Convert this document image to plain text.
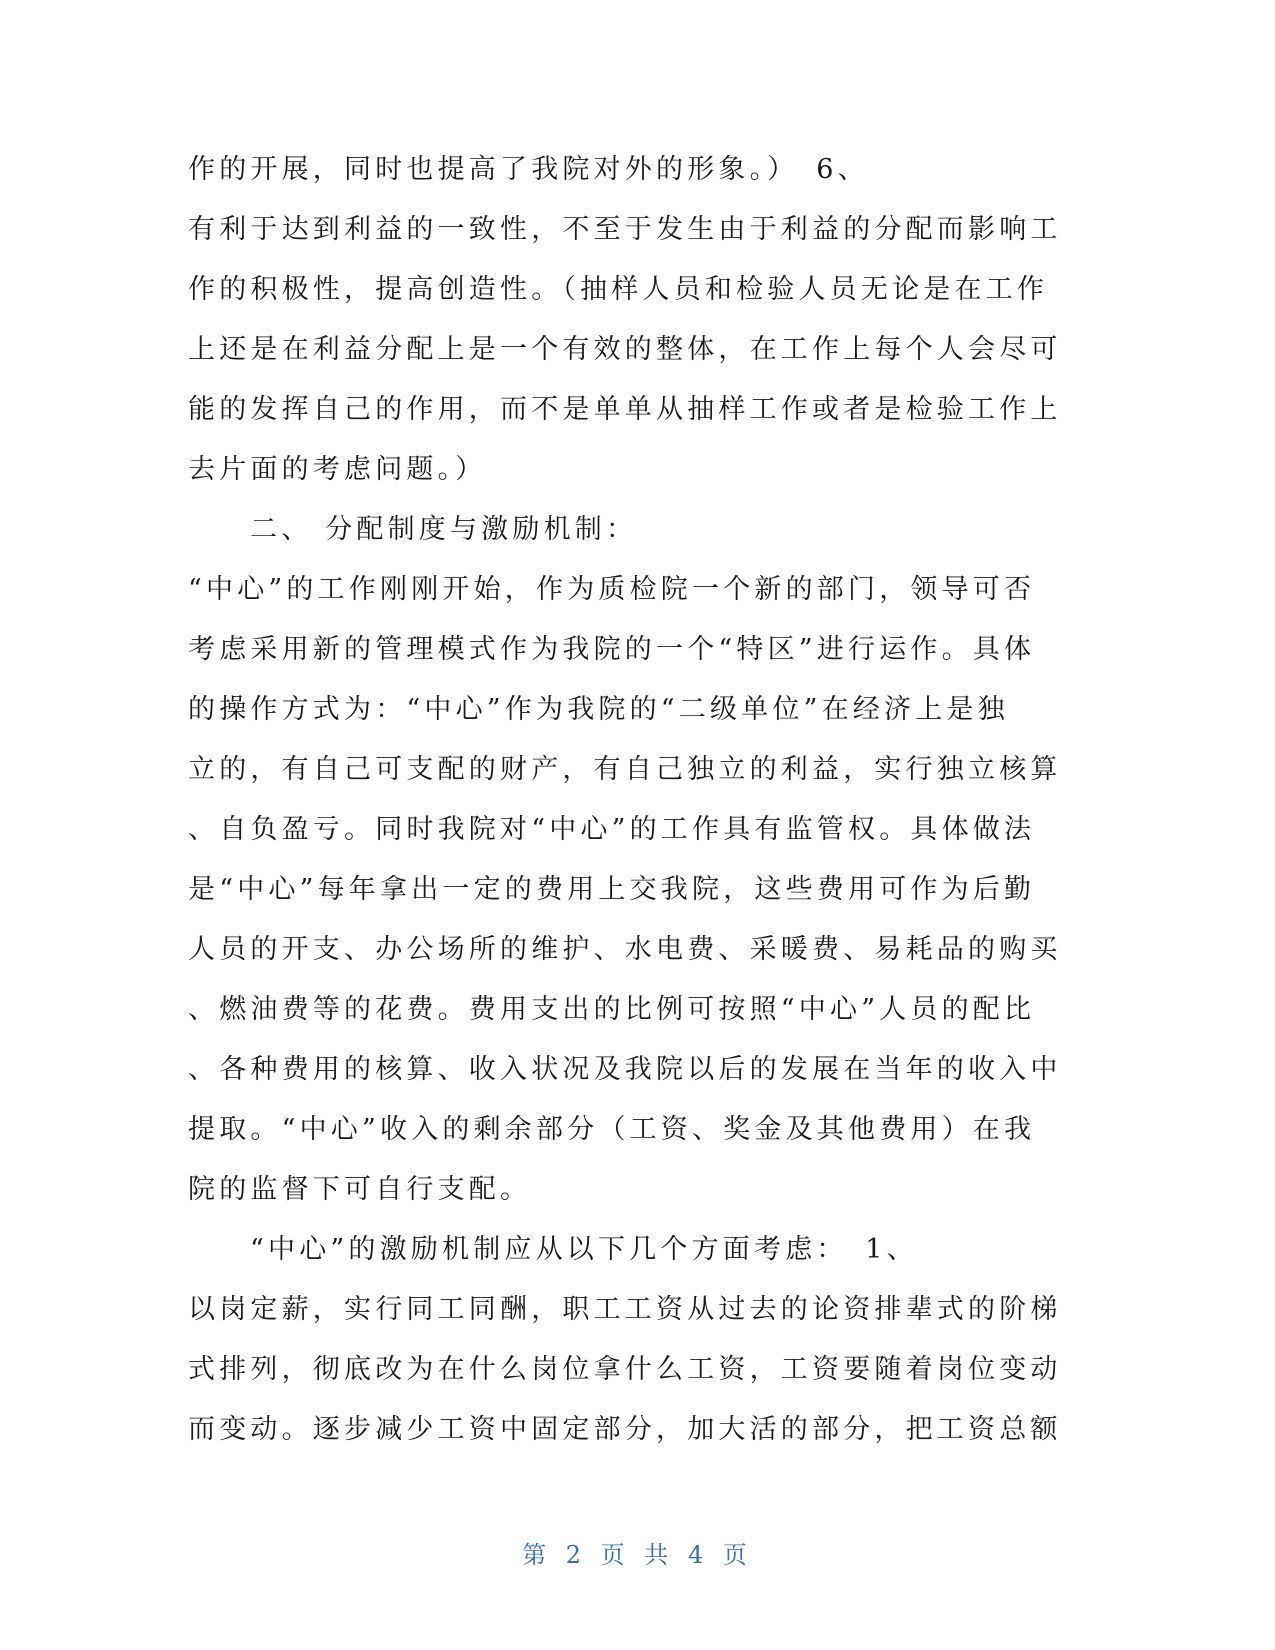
作的开展，同时也提高了我院对外的形象。）　6、
有利于达到利益的一致性，不至于发生由于利益的分配而影响工
作的积极性，提高创造性。（抽样人员和检验人员无论是在工作
上还是在利益分配上是一个有效的整体，在工作上每个人会尽可
能的发挥自己的作用，而不是单单从抽样工作或者是检验工作上
去片面的考虑问题。）
二、 分配制度与激励机制：
“中心”的工作刚刚开始，作为质检院一个新的部门，领导可否
考虑采用新的管理模式作为我院的一个“特区”进行运作。具体
的操作方式为：“中心”作为我院的“二级单位”在经济上是独
立的，有自己可支配的财产，有自己独立的利益，实行独立核算
、自负盈亏。同时我院对“中心”的工作具有监管权。具体做法
是“中心”每年拿出一定的费用上交我院，这些费用可作为后勤
人员的开支、办公场所的维护、水电费、采暖费、易耗品的购买
、燃油费等的花费。费用支出的比例可按照“中心”人员的配比
、各种费用的核算、收入状况及我院以后的发展在当年的收入中
提取。“中心”收入的剩余部分（工资、奖金及其他费用）在我
院的监督下可自行支配。
“中心”的激励机制应从以下几个方面考虑：　1、
以岗定薪，实行同工同酬，职工工资从过去的论资排辈式的阶梯
式排列，彻底改为在什么岗位拿什么工资，工资要随着岗位变动
而变动。逐步减少工资中固定部分，加大活的部分，把工资总额
第 2 页 共 4 页
